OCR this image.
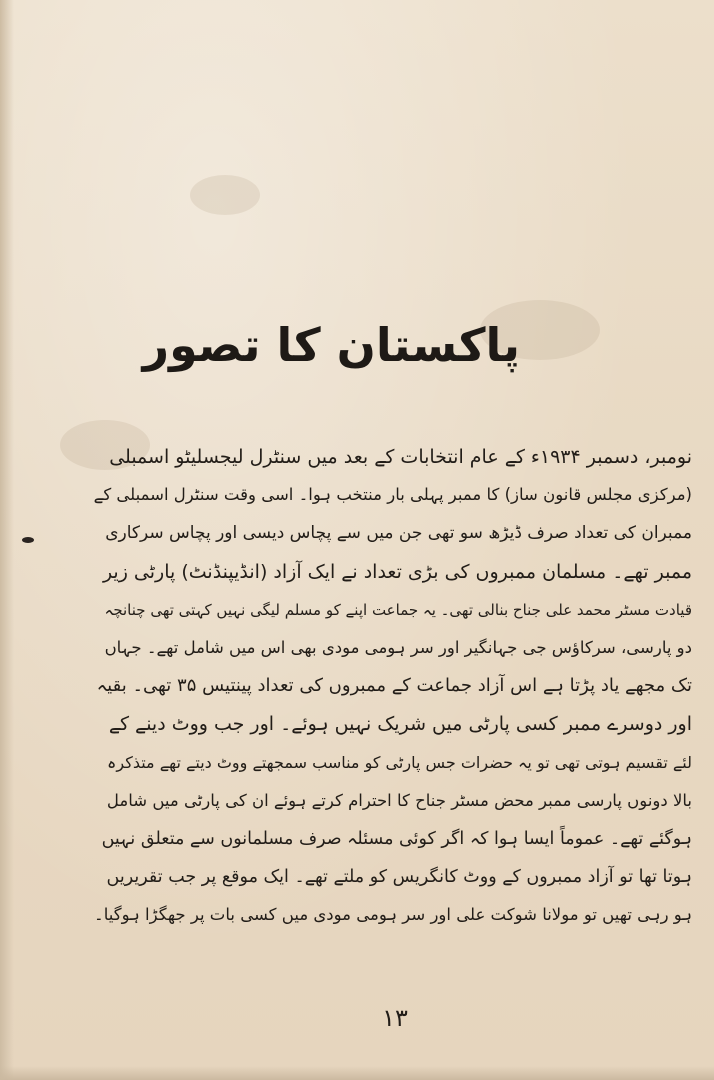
پاکستان کا تصور
نومبر، دسمبر ۱۹۳۴ء کے عام انتخابات کے بعد میں سنٹرل لیجسلیٹو اسمبلی
(مرکزی مجلس قانون ساز) کا ممبر پہلی بار منتخب ہوا۔ اسی وقت سنٹرل اسمبلی کے
ممبران کی تعداد صرف ڈیڑھ سو تھی جن میں سے پچاس دیسی اور پچاس سرکاری
ممبر تھے۔ مسلمان ممبروں کی بڑی تعداد نے ایک آزاد (انڈیپنڈنٹ) پارٹی زیر
قیادت مسٹر محمد علی جناح بنالی تھی۔ یہ جماعت اپنے کو مسلم لیگی نہیں کہتی تھی چنانچہ
دو پارسی، سرکاؤس جی جہانگیر اور سر ہومی مودی بھی اس میں شامل تھے۔ جہاں
تک مجھے یاد پڑتا ہے اس آزاد جماعت کے ممبروں کی تعداد پینتیس ۳۵ تھی۔ بقیہ
اور دوسرے ممبر کسی پارٹی میں شریک نہیں ہوئے۔ اور جب ووٹ دینے کے
لئے تقسیم ہوتی تھی تو یہ حضرات جس پارٹی کو مناسب سمجھتے ووٹ دیتے تھے متذکرہ
بالا دونوں پارسی ممبر محض مسٹر جناح کا احترام کرتے ہوئے ان کی پارٹی میں شامل
ہوگئے تھے۔ عموماً ایسا ہوا کہ اگر کوئی مسئلہ صرف مسلمانوں سے متعلق نہیں
ہوتا تھا تو آزاد ممبروں کے ووٹ کانگریس کو ملتے تھے۔ ایک موقع پر جب تقریریں
ہو رہی تھیں تو مولانا شوکت علی اور سر ہومی مودی میں کسی بات پر جھگڑا ہوگیا۔
۱۳
